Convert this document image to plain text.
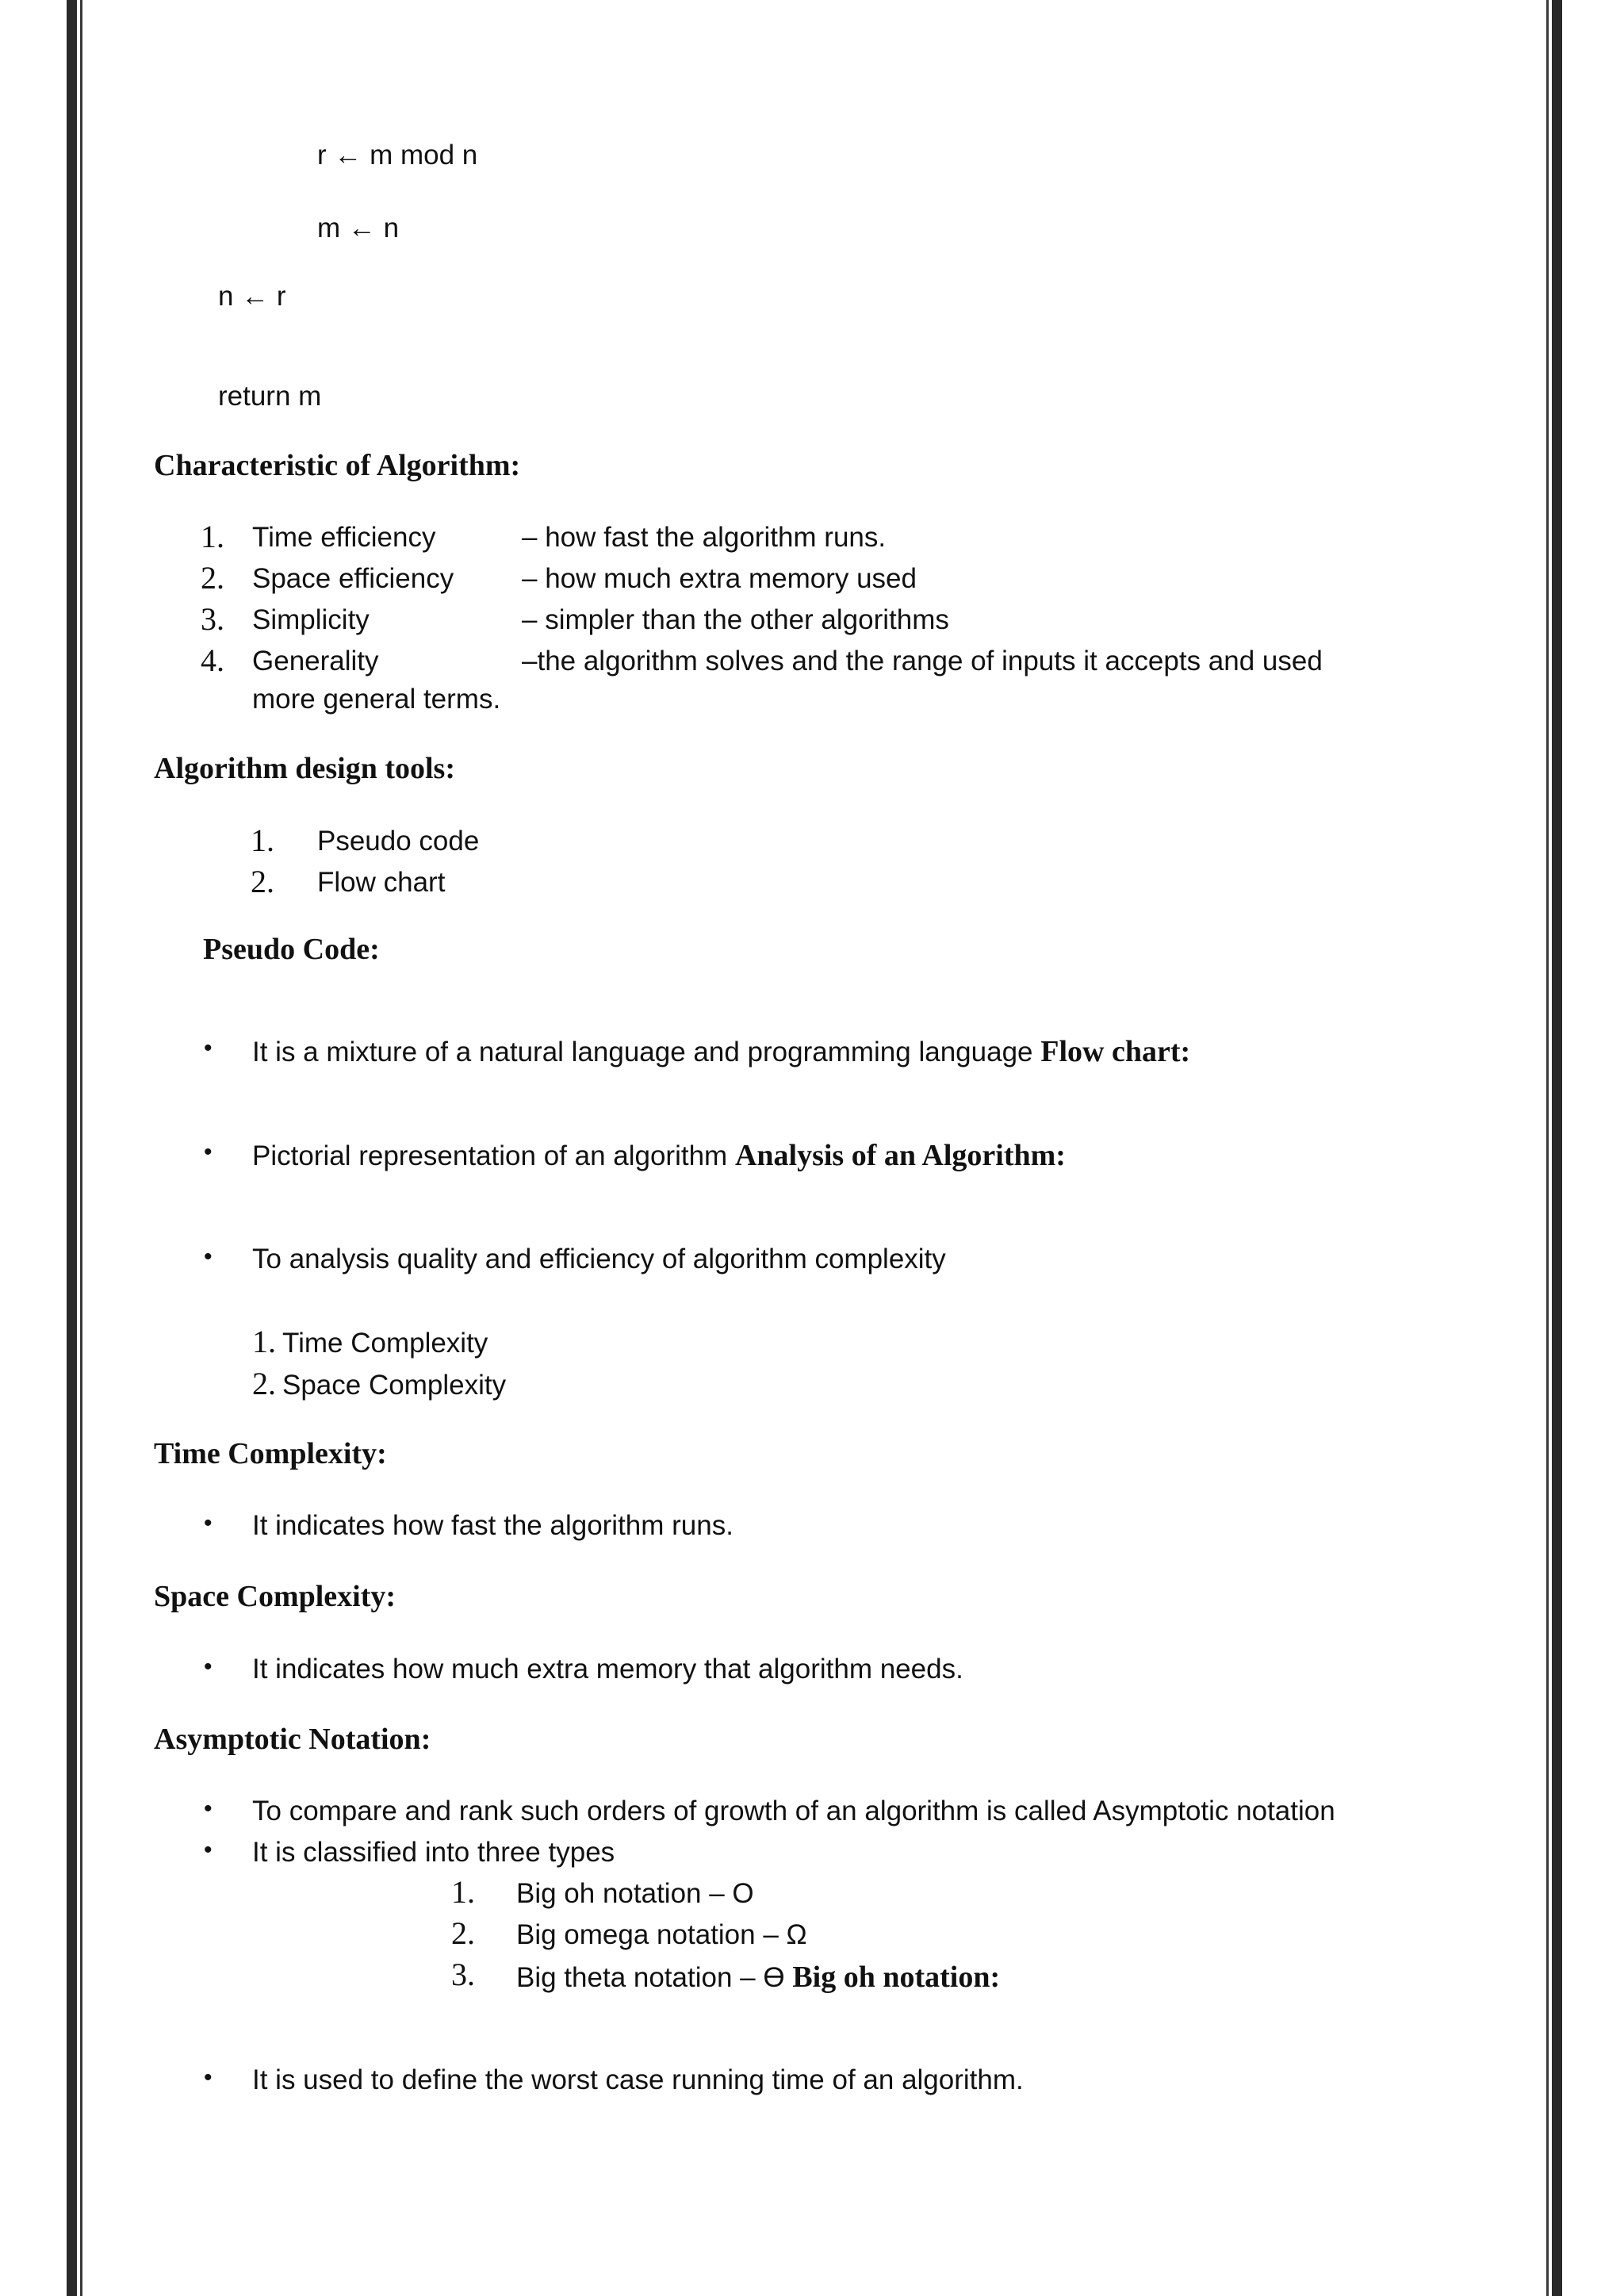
r ← m mod n
m ← n
n ← r
return m
Characteristic of Algorithm:
1. Time efficiency	– how fast the algorithm runs.
2. Space efficiency – how much extra memory used
3. Simplicity	– simpler than the other algorithms
4. Generality	–the algorithm solves and the range of inputs it accepts and used
more general terms.
Algorithm design tools:
1. Pseudo code
2. Flow chart
Pseudo Code:
• It is a mixture of a natural language and programming language Flow chart:
• Pictorial representation of an algorithm Analysis of an Algorithm:
• To analysis quality and efficiency of algorithm complexity
1. Time Complexity
2. Space Complexity
Time Complexity:
• It indicates how fast the algorithm runs.
Space Complexity:
• It indicates how much extra memory that algorithm needs.
Asymptotic Notation:
• To compare and rank such orders of growth of an algorithm is called Asymptotic notation
• It is classified into three types
1. Big oh notation – O
2. Big omega notation – Ω
3. Big theta notation – ϴ Big oh notation:
• It is used to define the worst case running time of an algorithm.
